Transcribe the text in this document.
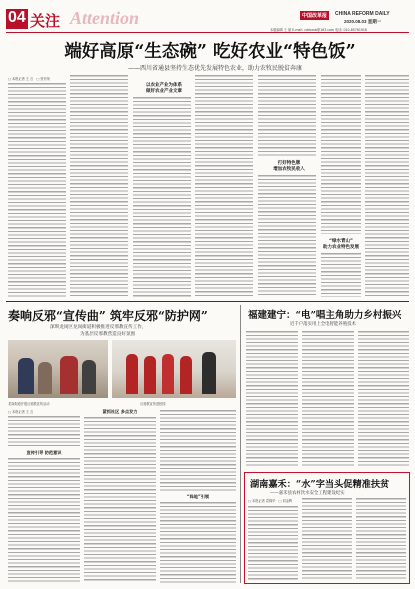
04 关注 Attention	中国改革报	CHINA REFORM DAILY
2020.08.03 星期一
本版编辑 王 丽 E-mail: cdrbzxb@163.com 电话: 010-85761918
端好高原“生态碗” 吃好农业“特色饭”
——西川省通县坚持生态优先发展特色农业，助力农牧民脱贫奔康
□ 本报记者 王 言　□ 张有荣
以农业产业为体系
做好农业产业文章
打好特色牌
增加农牧民收入
“绿水青山”
助力农业特色发展
奏响反邪“宣传曲” 筑牢反邪“防护网”
深圳龙岗区龙岗街道积极推进反邪教宣传工作，
为基层反邪教营造良好氛围
龙岗街道开展反邪教宣传活动	反邪教宣传进校园
□ 本报记者 王 言
宣传引导 防范意识
紧抓社区 多点发力
“阵地”引领
福建建宁：“电”唱主角助力乡村振兴
近千户落实用上全电智能养殖技术
湖南嘉禾：“水”字当头促精准扶贫
——嘉禾县农村饮水安全工程建设纪实
□ 本报记者 袁锦华　□ 刘金辉
